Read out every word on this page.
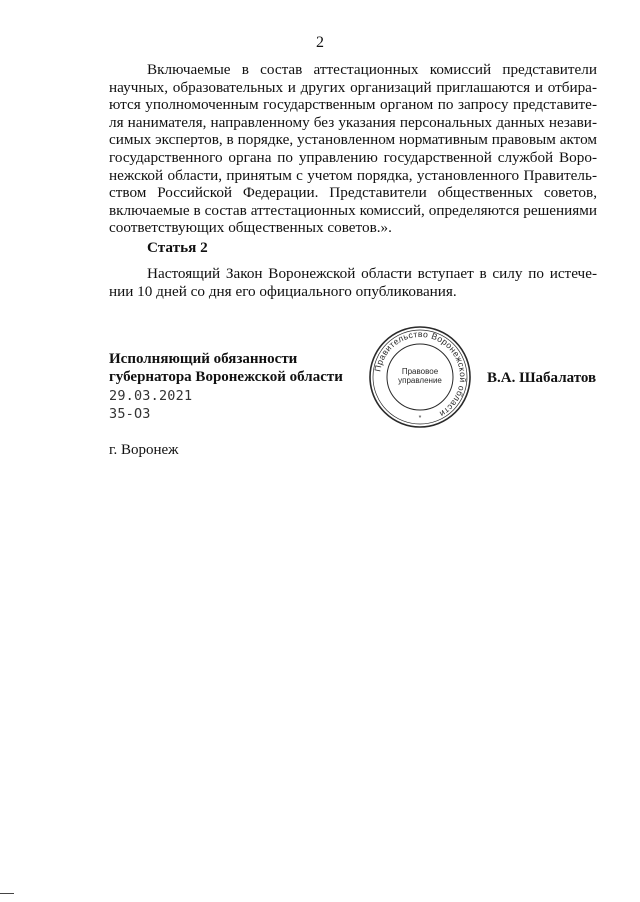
2

Включаемые в состав аттестационных комиссий представители научных, образовательных и других организаций приглашаются и отбираются уполномоченным государственным органом по запросу представителя нанимателя, направленному без указания персональных данных независимых экспертов, в порядке, установленном нормативным правовым актом государственного органа по управлению государственной службой Воронежской области, принятым с учетом порядка, установленного Правительством Российской Федерации. Представители общественных советов, включаемые в состав аттестационных комиссий, определяются решениями соответствующих общественных советов.».

Статья 2

Настоящий Закон Воронежской области вступает в силу по истечении 10 дней со дня его официального опубликования.

Исполняющий обязанности
губернатора Воронежской области	В.А. Шабалатов
29.03.2021
35-ОЗ
г. Воронеж
Правительство Воронежской области
Правовое
управление
*
